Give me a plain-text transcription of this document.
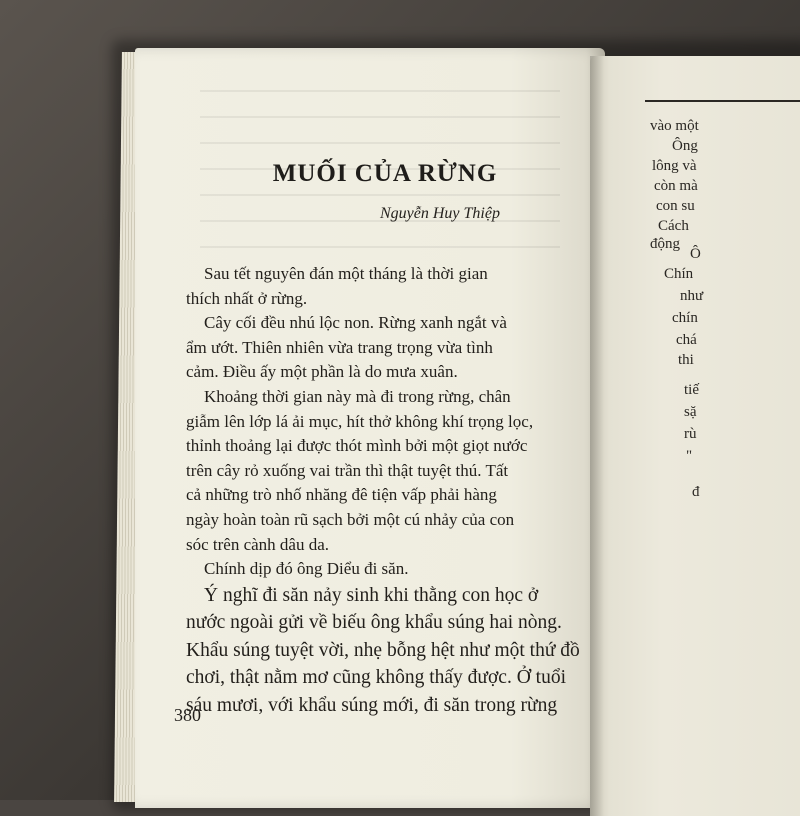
MUỐI CỦA RỪNG

Nguyễn Huy Thiệp

Sau tết nguyên đán một tháng là thời gian
thích nhất ở rừng.
Cây cối đều nhú lộc non. Rừng xanh ngắt và
ẩm ướt. Thiên nhiên vừa trang trọng vừa tình
cảm. Điều ấy một phần là do mưa xuân.
Khoảng thời gian này mà đi trong rừng, chân
giẫm lên lớp lá ải mục, hít thở không khí trọng lọc,
thỉnh thoảng lại được thót mình bởi một giọt nước
trên cây rỏ xuống vai trần thì thật tuyệt thú. Tất
cả những trò nhố nhăng đê tiện vấp phải hàng
ngày hoàn toàn rũ sạch bởi một cú nhảy của con
sóc trên cành dâu da.
Chính dịp đó ông Diểu đi săn.
Ý nghĩ đi săn nảy sinh khi thằng con học ở
nước ngoài gửi về biếu ông khẩu súng hai nòng.
Khẩu súng tuyệt vời, nhẹ bỗng hệt như một thứ đồ
chơi, thật nằm mơ cũng không thấy được. Ở tuổi
sáu mươi, với khẩu súng mới, đi săn trong rừng

380

vào một

Ông

lông và

còn mà

con su

Cách

động

Ô

Chín

như

chín

chá

thi

tiế

sặ

rù

"

đ
